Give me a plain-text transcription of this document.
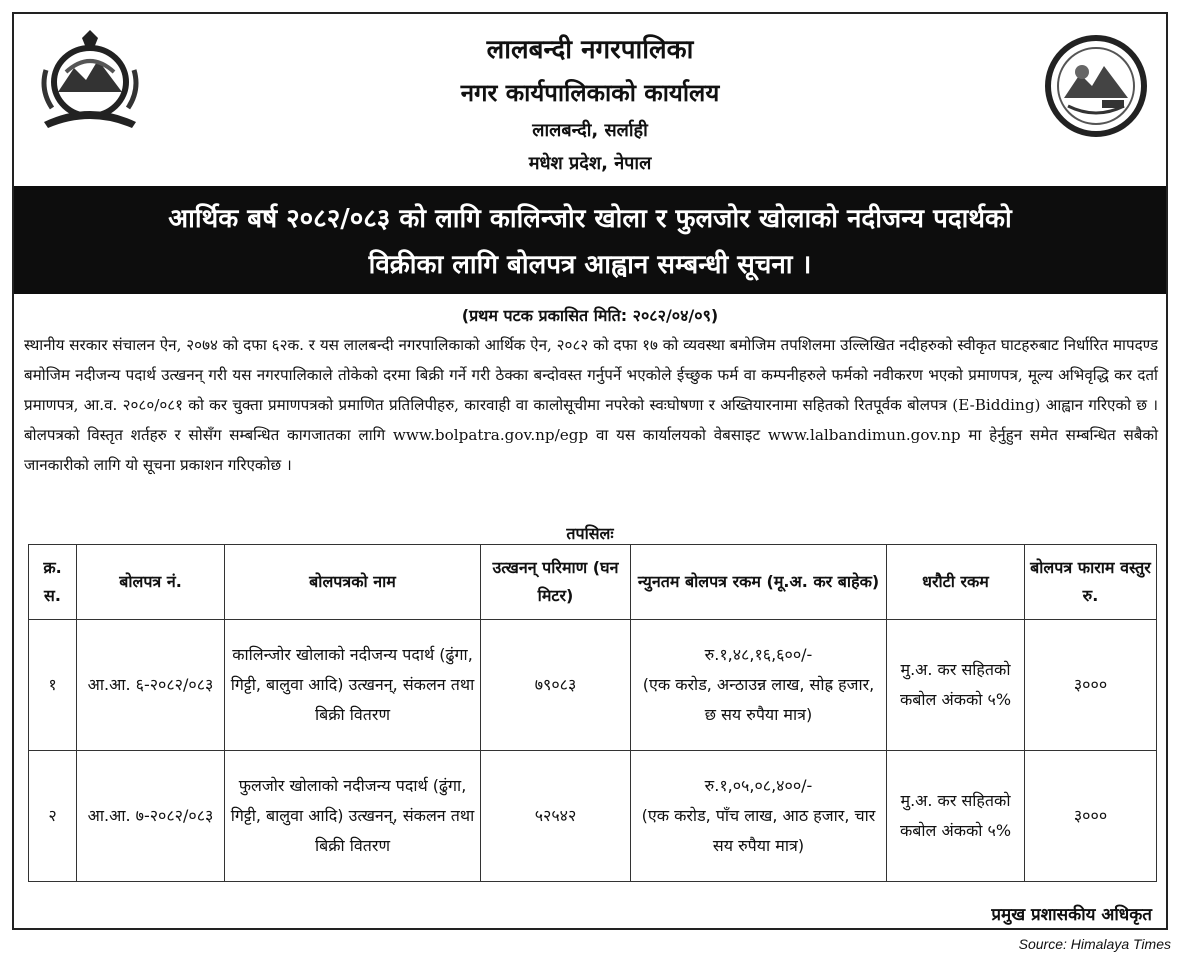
लालबन्दी नगरपालिका
नगर कार्यपालिकाको कार्यालय
लालबन्दी, सर्लाही
मधेश प्रदेश, नेपाल
आर्थिक बर्ष २०८२/०८३ को लागि कालिन्जोर खोला र फुलजोर खोलाको नदीजन्य पदार्थको
विक्रीका लागि बोलपत्र आह्वान सम्बन्धी सूचना ।
(प्रथम पटक प्रकासित मिति: २०८२/०४/०९)
स्थानीय सरकार संचालन ऐन, २०७४ को दफा ६२क. र यस लालबन्दी नगरपालिकाको आर्थिक ऐन, २०८२ को दफा १७ को व्यवस्था बमोजिम तपशिलमा उल्लिखित नदीहरुको स्वीकृत घाटहरुबाट निर्धारित मापदण्ड बमोजिम नदीजन्य पदार्थ उत्खनन् गरी यस नगरपालिकाले तोकेको दरमा बिक्री गर्ने गरी ठेक्का बन्दोवस्त गर्नुपर्ने भएकोले ईच्छुक फर्म वा कम्पनीहरुले फर्मको नवीकरण भएको प्रमाणपत्र, मूल्य अभिवृद्धि कर दर्ता प्रमाणपत्र, आ.व. २०८०/०८१ को कर चुक्ता प्रमाणपत्रको प्रमाणित प्रतिलिपीहरु, कारवाही वा कालोसूचीमा नपरेको स्वःघोषणा र अख्तियारनामा सहितको रितपूर्वक बोलपत्र (E-Bidding) आह्वान गरिएको छ । बोलपत्रको विस्तृत शर्तहरु र सोसँग सम्बन्धित कागजातका लागि www.bolpatra.gov.np/egp वा यस कार्यालयको वेबसाइट www.lalbandimun.gov.np मा हेर्नुहुन समेत सम्बन्धित सबैको जानकारीको लागि यो सूचना प्रकाशन गरिएकोछ ।
तपसिलः
क्र. स.	बोलपत्र नं.	बोलपत्रको नाम	उत्खनन् परिमाण (घन मिटर)	न्युनतम बोलपत्र रकम (मू.अ. कर बाहेक)	धरौटी रकम	बोलपत्र फाराम वस्तुर रु.
१	आ.आ. ६-२०८२/०८३	कालिन्जोर खोलाको नदीजन्य पदार्थ (ढुंगा, गिट्टी, बालुवा आदि) उत्खनन्, संकलन तथा बिक्री वितरण	७९०८३	रु.१,४८,१६,६००/-
(एक करोड, अन्ठाउन्न लाख, सोह्र हजार, छ सय रुपैया मात्र)	मु.अ. कर सहितको कबोल अंकको ५%	३०००
२	आ.आ. ७-२०८२/०८३	फुलजोर खोलाको नदीजन्य पदार्थ (ढुंगा, गिट्टी, बालुवा आदि) उत्खनन्, संकलन तथा बिक्री वितरण	५२५४२	रु.१,०५,०८,४००/-
(एक करोड, पाँच लाख, आठ हजार, चार सय रुपैया मात्र)	मु.अ. कर सहितको कबोल अंकको ५%	३०००
प्रमुख प्रशासकीय अधिकृत
Source: Himalaya Times
